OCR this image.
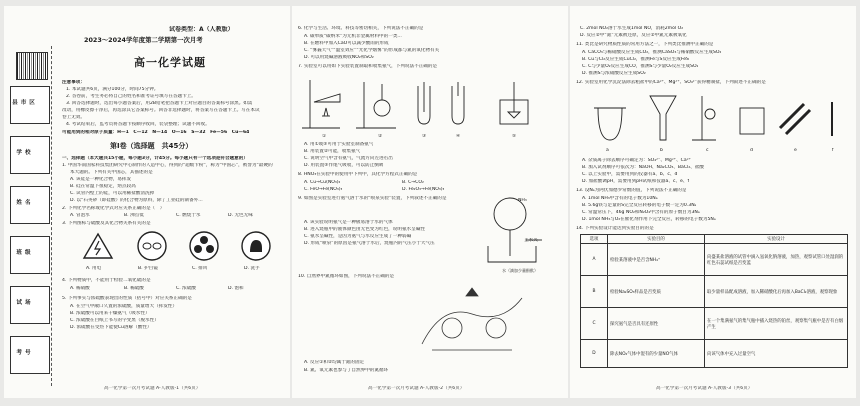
县市区
学校
姓名
班级
试场
考号
试卷类型：A（人教版）
2023～2024学年度第二学期第一次月考
高一化学试题
注意事项：
1. 本试题共6页，满分100分，时间75分钟。
2. 答卷前，考生务必将自己的姓名和准考证号填写在答题卡上。
3. 回答选择题时，选出每小题答案后，用2B铅笔把答题卡上对应题目的答案标号涂黑。如需
改动，用橡皮擦干净后，再选涂其它答案标号。回答非选择题时，将答案写在答题卡上。写在本试
卷上无效。
4. 考试结束后，监考员将答题卡按顺序收回，装袋整理；试题不回收。
可能用到的相对原子质量：H—1　C—12　N—14　O—16　S—32　Fe—56　Cu—64
第Ⅰ卷（选择题　共45分）
一、选择题（本大题共15小题，每小题3分，计45分。每小题只有一个选项是符合题意的）
1. 中国华南国家科技集团研究中心制作的人造中心，得到的“超级卡粉”，称为“中国芯”，被誉为“最硬的
本大题的。下列有关中国芯，其描述的是
A. 该硅是一种化合物，易挥发
B. 硅在常温下很稳定，熔点较高
C. 试管内壁上的硅，可以用稀盐酸清洗掉
D. 以“石英砂（即硅酸）的化合物为原料，除了工业硅的制备外...
2. 下列化学名称或化学式对应关系正确的是（　）
A. 冒泡水	B. 沸点低	C. 燃烧于水	D. 无色无味
3. 下列图标与硫酸及其化合物关系有关的是
A. 用电	B. 护目镜	C. 排风	D. 洗手
4. 下列物质中，不能用于检验二氧化硫的是
A. 稀硝酸	B. 稀硫酸	C. 浓硫酸	D. 饱和
5. 下列事实与浓硫酸表现出的性质（括号中）对应关系正确的是
A. 在空气中敞口久置的浓硫酸，质量增大（挥发性）
B. 浓硫酸可以用来干燥氨气（吸水性）
C. 浓硫酸在白纸上书写的字变黑（脱水性）
D. 浓硫酸在受热下能使Cu溶解（酸性）
高一化学第一次月考试题 A-人教版-1（共6页）
6. 化学与生活、环境、科技等密切相关，下列说法不正确的是
A. 碳单质“碳纳米”为无机非金属材料中的一类...
B. 在燃料中加入CaO可以减少酸雨的形成
C. “雾霾天气”“温室效应”“光化学烟雾”的形成都与氮的氧化物有关
D. 可以用烧碱溶液吸收NO₂和SO₂
7. 实验室可以用如下实验装置制取和收集氨气，下列说法不正确的是
①	②	③	④	⑤
A. 用①或⑤可用于实验室制备氨气
B. 用装置②可能，收集氨气
C. 说明空气中含有氨气，气流方向左进右出
D. 用装置⑤作尾气吸收，可以防止倒吸
8. HNO₃在实验中的使用中下列中，其化学方程式正确的是
A. Cu→Cu(NO₃)₂	B. C→CO₂
C. FeO→Fe(NO₃)₃	D. Fe₂O₃→Fe(NO₃)₃
9. 如图是实验室进行氨气溶于水的“喷泉实验”装置，下列叙述不正确的是	NH₃
止水夹
水（滴加少量酚酞）
A. 该实验说明氨气是一种极易溶于水的气体
B. 进入烧瓶中的液体颜色由无色变为红色，说明氨水呈碱性
C. 氨水呈碱性，是因为氨气与水反应生成了一种弱碱
D. 形成“喷泉”的原因是氨气溶于水后，烧瓶内的气压小于大气压
10. 自然界中氮循环如图，下列说法不正确的是
A. 反应①和②均属于氮的固定
B. 氮、氧元素也参与了自然界中的氮循环
高一化学第一次月考试题 A-人教版-2（共6页）
C. 2mol NO₂溶于水生成1mol NO，消耗2mol O₂
D. 反应②中“氮”元素被还原，反应②中氮元素被氧化
11. 类比是研究物质性质的常用方法之一，下列类比推测中正确的是
A. CaCO₃与稀硝酸反应生成CO₂，推测CaSO₃与稀硝酸反应生成SO₂
B. Cu与Cl₂反应生成CuCl₂，推测Fe与S反应生成FeS
C. C与少量O₂反应生成CO，推测S与少量O₂反应生成SO₂
D. 推测S与浓硝酸反应生成SO₂
12. 实验室用化学沉淀法除去粗盐中的Ca²⁺、Mg²⁺、SO₄²⁻获得精制盐，下列叙述不正确的是
a	b	c	d	e	f
A. 杂质离子除去顺序可确定为：SO₄²⁻、Mg²⁺、Ca²⁺
B. 加入试剂顺序可依次为：NaOH、Na₂CO₃、BaCl₂、盐酸
C. 以上实验中，需要用到的仪器有a、b、c、d
D. 加盐酸调pH，需要用到pH试纸和仪器a、c、e、f
13. 设Nₐ为阿伏加德罗常数的值，下列说法不正确的是
A. 1mol NH₃中含有的电子数为10Nₐ
B. 5.6g铁与足量的S完全反应转移的电子数一定为0.3Nₐ
C. 常温常压下，46g NO₂和N₂O₄中含有的原子数目为3Nₐ
D. 1mol NH₃与O₂在催化剂作用下完全反应，转移的电子数为5Nₐ
14. 下列实验设计能达到实验目的的是
选项	实验目的	实验设计
A	检验某溶液中是否含NH₄⁺	向盛某盐溶液的试管中滴入氢氧化钠溶液，加热，观察试管口处湿润的红色石蕊试纸是否变蓝
B	检验Na₂SO₃样品是否变质	取少量样品配成溶液，加入稀硝酸化后再加入BaCl₂溶液，观察现象
C	探究氨气是否具有还原性	在一个集满氨气的集气瓶中插入烧热的铂丝，观察集气瓶中是否有白烟产生
D	除去NO₂气体中混有的少量NO气体	向该气体中充入过量空气
高一化学第一次月考试题 A-人教版-3（共6页）
